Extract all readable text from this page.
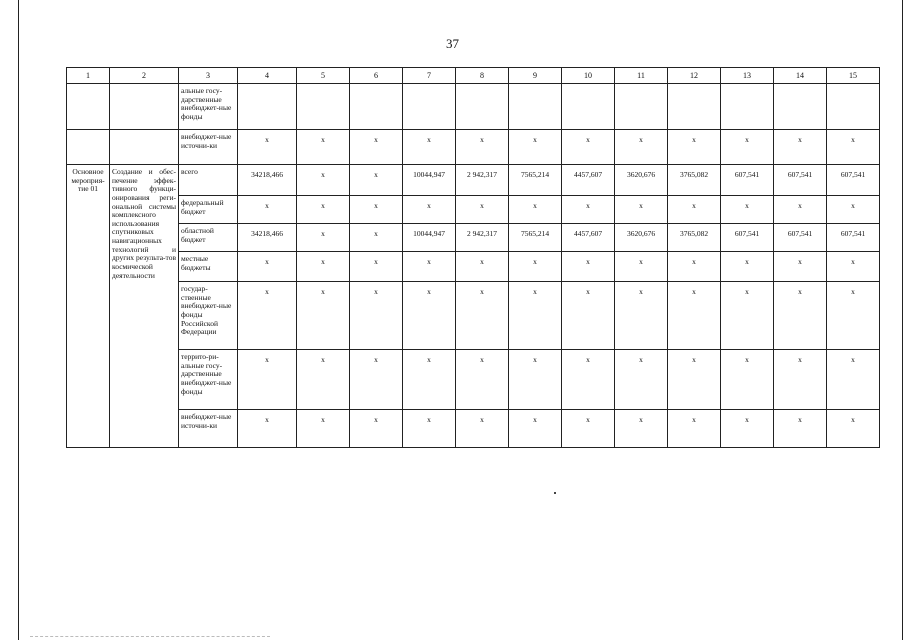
37
1	2	3	4	5	6	7	8	9	10	11	12	13	14	15
		альные госу-дарственные внебюджет-ные фонды												
		внебюджет-ные источни-ки	x	x	x	x	x	x	x	x	x	x	x	x
Основное мероприя-тие 01	Создание и обес-печение эффек-тивного функци-онирования реги-ональной системы комплексного использования спутниковых навигационных технологий и других результа-тов космической деятельности	всего	34218,466	x	x	10044,947	2 942,317	7565,214	4457,607	3620,676	3765,082	607,541	607,541	607,541
		федеральный бюджет	x	x	x	x	x	x	x	x	x	x	x	x
		областной бюджет	34218,466	x	x	10044,947	2 942,317	7565,214	4457,607	3620,676	3765,082	607,541	607,541	607,541
		местные бюджеты	x	x	x	x	x	x	x	x	x	x	x	x
		государ-ственные внебюджет-ные фонды Российской Федерации	x	x	x	x	x	x	x	x	x	x	x	x
		террито-ри-альные госу-дарственные внебюджет-ные фонды	x	x	x	x	x	x	x	x	x	x	x	x
		внебюджет-ные источни-ки	x	x	x	x	x	x	x	x	x	x	x	x
